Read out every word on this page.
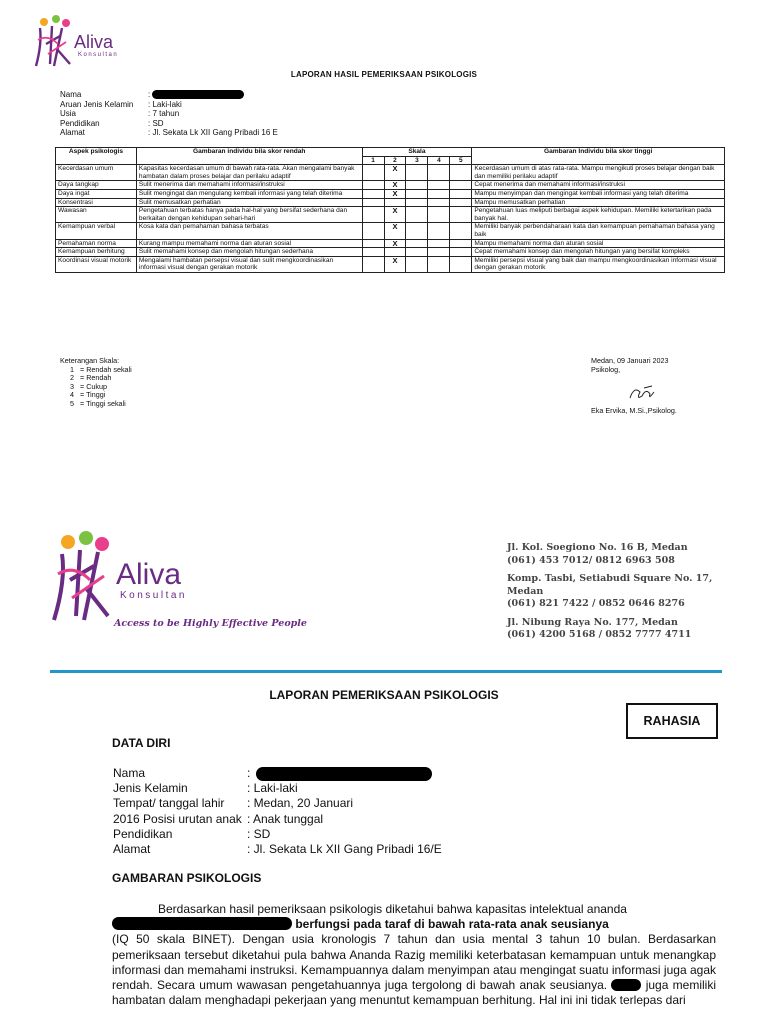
Aliva
Konsultan
LAPORAN HASIL PEMERIKSAAN PSIKOLOGIS
Nama	:
Aruan Jenis Kelamin	: Laki-laki
Usia	: 7 tahun
Pendidikan	: SD
Alamat	: Jl. Sekata Lk XII Gang Pribadi 16 E
Aspek psikologis	Gambaran individu bila skor rendah	Skala					Gambaran Individu bila skor tinggi
		1	2	3	4	5	
Kecerdasan umum	Kapasitas kecerdasan umum di bawah rata-rata. Akan mengalami banyak hambatan dalam proses belajar dan perilaku adaptif		X				Kecerdasan umum di atas rata-rata. Mampu mengikuti proses belajar dengan baik dan memiliki perilaku adaptif
Daya tangkap	Sulit menerima dan memahami informasi/instruksi		X				Cepat menerima dan memahami informasi/instruksi
Daya ingat	Sulit mengingat dan mengulang kembali informasi yang telah diterima		X				Mampu menyimpan dan mengingat kembali informasi yang telah diterima
Konsentrasi	Sulit memusatkan perhatian						Mampu memusatkan perhatian
Wawasan	Pengetahuan terbatas hanya pada hal-hal yang bersifat sederhana dan berkaitan dengan kehidupan sehari-hari		X				Pengetahuan luas meliputi berbagai aspek kehidupan. Memiliki ketertarikan pada banyak hal.
Kemampuan verbal	Kosa kata dan pemahaman bahasa terbatas		X				Memiliki banyak perbendaharaan kata dan kemampuan pemahaman bahasa yang baik
Pemahaman norma	Kurang mampu memahami norma dan aturan sosial		X				Mampu memahami norma dan aturan sosial
Kemampuan berhitung	Sulit memahami konsep dan mengolah hitungan sederhana						Cepat memahami konsep dan mengolah hitungan yang bersifat kompleks
Koordinasi visual motorik	Mengalami hambatan persepsi visual dan sulit mengkoordinasikan informasi visual dengan gerakan motorik		X				Memiliki persepsi visual yang baik dan mampu mengkoordinasikan informasi visual dengan gerakan motorik
Keterangan Skala:
1 = Rendah sekali
2 = Rendah
3 = Cukup
4 = Tinggi
5 = Tinggi sekali
Medan, 09 Januari 2023
Psikolog,
Eka Ervika, M.Si.,Psikolog.
Aliva
Konsultan
Access to be Highly Effective People
Jl. Kol. Soegiono No. 16 B, Medan
(061) 453 7012/ 0812 6963 508
Komp. Tasbi, Setiabudi Square No. 17, Medan
(061) 821 7422 / 0852 0646 8276
Jl. Nibung Raya No. 177, Medan
(061) 4200 5168 / 0852 7777 4711
LAPORAN PEMERIKSAAN PSIKOLOGIS
RAHASIA
DATA DIRI
Nama	:
Jenis Kelamin	: Laki-laki
Tempat/ tanggal lahir	: Medan, 20 Januari
2016 Posisi urutan anak : Anak tunggal
Pendidikan	: SD
Alamat	: Jl. Sekata Lk XII Gang Pribadi 16/E
GAMBARAN PSIKOLOGIS
Berdasarkan hasil pemeriksaan psikologis diketahui bahwa kapasitas intelektual ananda
berfungsi pada taraf di bawah rata-rata anak seusianya
(IQ 50 skala BINET). Dengan usia kronologis 7 tahun dan usia mental 3 tahun 10 bulan. Berdasarkan pemeriksaan tersebut diketahui pula bahwa Ananda Razig memiliki keterbatasan kemampuan untuk menangkap informasi dan memahami instruksi. Kemampuannya dalam menyimpan atau mengingat suatu informasi juga agak rendah. Secara umum wawasan pengetahuannya juga tergolong di bawah anak seusianya.	juga memiliki hambatan dalam menghadapi pekerjaan yang menuntut kemampuan berhitung. Hal ini ini tidak terlepas dari
